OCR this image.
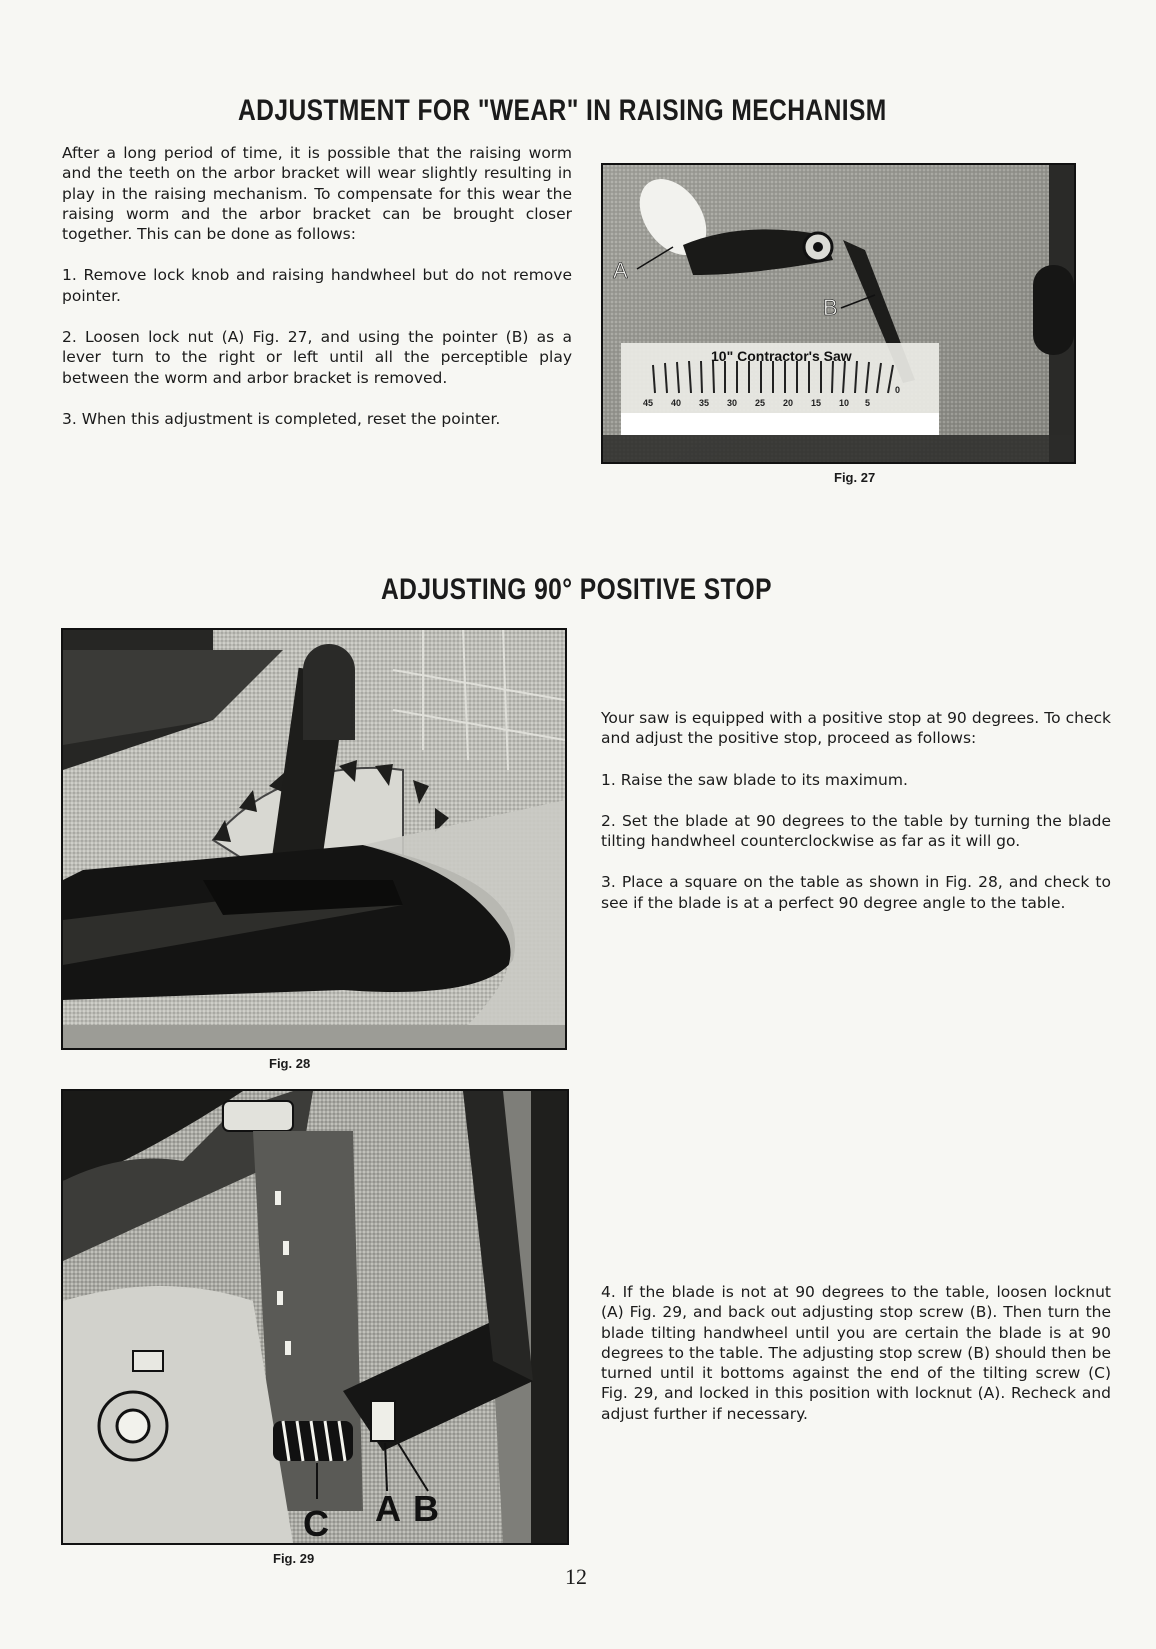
ADJUSTMENT FOR "WEAR" IN RAISING MECHANISM

After a long period of time, it is possible that the raising worm and the teeth on the arbor bracket will wear slightly resulting in play in the raising mechanism. To compensate for this wear the raising worm and the arbor bracket can be brought closer together. This can be done as follows:

1. Remove lock knob and raising handwheel but do not remove pointer.

2. Loosen lock nut (A) Fig. 27, and using the pointer (B) as a lever turn to the right or left until all the perceptible play between the worm and arbor bracket is removed.

3. When this adjustment is completed, reset the pointer.

10" Contractor's Saw
45 40 35 30 25 20 15 10 5
0
A
B
Fig. 27
ADJUSTING 90° POSITIVE STOP
Fig. 28

Your saw is equipped with a positive stop at 90 degrees. To check and adjust the positive stop, proceed as follows:

1. Raise the saw blade to its maximum.

2. Set the blade at 90 degrees to the table by turning the blade tilting handwheel counterclockwise as far as it will go.

3. Place a square on the table as shown in Fig. 28, and check to see if the blade is at a perfect 90 degree angle to the table.

C A B
Fig. 29

4. If the blade is not at 90 degrees to the table, loosen locknut (A) Fig. 29, and back out adjusting stop screw (B). Then turn the blade tilting handwheel until you are certain the blade is at 90 degrees to the table. The adjusting stop screw (B) should then be turned until it bottoms against the end of the tilting screw (C) Fig. 29, and locked in this position with locknut (A). Recheck and adjust further if necessary.

12
